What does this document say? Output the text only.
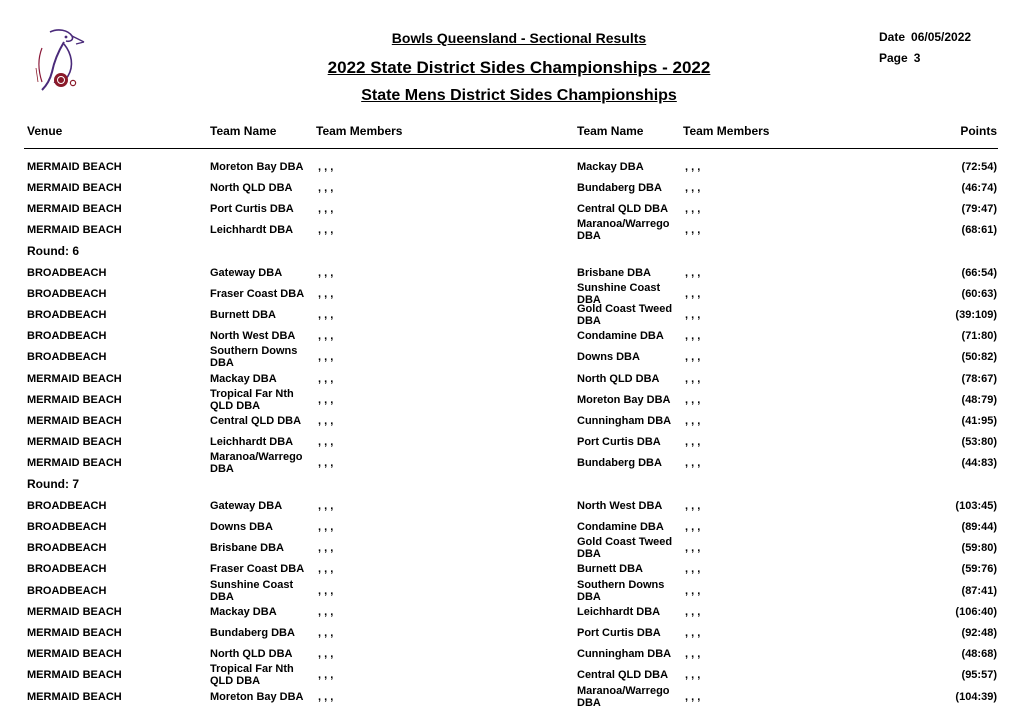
Bowls Queensland - Sectional Results
2022 State District Sides Championships - 2022
State Mens District Sides Championships
Date 06/05/2022
Page 3
Venue	Team Name	Team Members	Team Name	Team Members	Points
MERMAID BEACH	Moreton Bay DBA	, , ,	Mackay DBA	, , ,	(72:54)
MERMAID BEACH	North QLD DBA	, , ,	Bundaberg DBA	, , ,	(46:74)
MERMAID BEACH	Port Curtis DBA	, , ,	Central QLD DBA	, , ,	(79:47)
MERMAID BEACH	Leichhardt DBA	, , ,	Maranoa/Warrego DBA	, , ,	(68:61)
Round: 6
BROADBEACH	Gateway DBA	, , ,	Brisbane DBA	, , ,	(66:54)
BROADBEACH	Fraser Coast DBA	, , ,	Sunshine Coast DBA	, , ,	(60:63)
BROADBEACH	Burnett DBA	, , ,	Gold Coast Tweed DBA	, , ,	(39:109)
BROADBEACH	North West DBA	, , ,	Condamine DBA	, , ,	(71:80)
BROADBEACH	Southern Downs DBA	, , ,	Downs DBA	, , ,	(50:82)
MERMAID BEACH	Mackay DBA	, , ,	North QLD DBA	, , ,	(78:67)
MERMAID BEACH	Tropical Far Nth QLD DBA	, , ,	Moreton Bay DBA	, , ,	(48:79)
MERMAID BEACH	Central QLD DBA	, , ,	Cunningham DBA	, , ,	(41:95)
MERMAID BEACH	Leichhardt DBA	, , ,	Port Curtis DBA	, , ,	(53:80)
MERMAID BEACH	Maranoa/Warrego DBA	, , ,	Bundaberg DBA	, , ,	(44:83)
Round: 7
BROADBEACH	Gateway DBA	, , ,	North West DBA	, , ,	(103:45)
BROADBEACH	Downs DBA	, , ,	Condamine DBA	, , ,	(89:44)
BROADBEACH	Brisbane DBA	, , ,	Gold Coast Tweed DBA	, , ,	(59:80)
BROADBEACH	Fraser Coast DBA	, , ,	Burnett DBA	, , ,	(59:76)
BROADBEACH	Sunshine Coast DBA	, , ,	Southern Downs DBA	, , ,	(87:41)
MERMAID BEACH	Mackay DBA	, , ,	Leichhardt DBA	, , ,	(106:40)
MERMAID BEACH	Bundaberg DBA	, , ,	Port Curtis DBA	, , ,	(92:48)
MERMAID BEACH	North QLD DBA	, , ,	Cunningham DBA	, , ,	(48:68)
MERMAID BEACH	Tropical Far Nth QLD DBA	, , ,	Central QLD DBA	, , ,	(95:57)
MERMAID BEACH	Moreton Bay DBA	, , ,	Maranoa/Warrego DBA	, , ,	(104:39)
